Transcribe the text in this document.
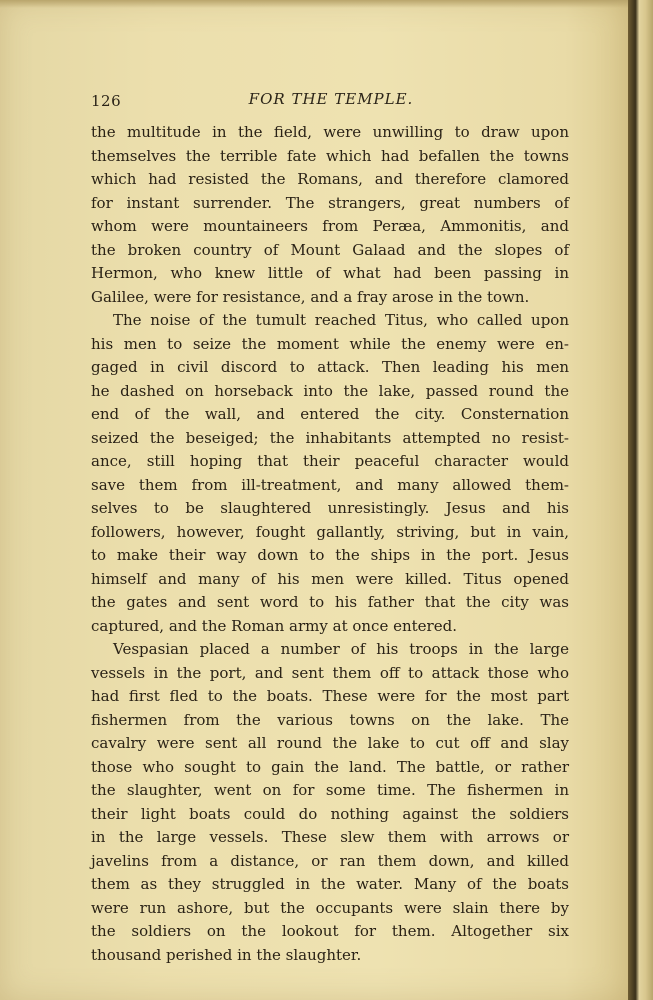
126	FOR THE TEMPLE.

the multitude in the field, were unwilling to draw upon
themselves the terrible fate which had befallen the towns
which had resisted the Romans, and therefore clamored
for instant surrender. The strangers, great numbers of
whom were mountaineers from Peræa, Ammonitis, and
the broken country of Mount Galaad and the slopes of
Hermon, who knew little of what had been passing in
Galilee, were for resistance, and a fray arose in the town.

The noise of the tumult reached Titus, who called upon
his men to seize the moment while the enemy were en-
gaged in civil discord to attack. Then leading his men
he dashed on horseback into the lake, passed round the
end of the wall, and entered the city. Consternation
seized the beseiged; the inhabitants attempted no resist-
ance, still hoping that their peaceful character would
save them from ill-treatment, and many allowed them-
selves to be slaughtered unresistingly. Jesus and his
followers, however, fought gallantly, striving, but in vain,
to make their way down to the ships in the port. Jesus
himself and many of his men were killed. Titus opened
the gates and sent word to his father that the city was
captured, and the Roman army at once entered.

Vespasian placed a number of his troops in the large
vessels in the port, and sent them off to attack those who
had first fled to the boats. These were for the most part
fishermen from the various towns on the lake. The
cavalry were sent all round the lake to cut off and slay
those who sought to gain the land. The battle, or rather
the slaughter, went on for some time. The fishermen in
their light boats could do nothing against the soldiers
in the large vessels. These slew them with arrows or
javelins from a distance, or ran them down, and killed
them as they struggled in the water. Many of the boats
were run ashore, but the occupants were slain there by
the soldiers on the lookout for them. Altogether six
thousand perished in the slaughter.
